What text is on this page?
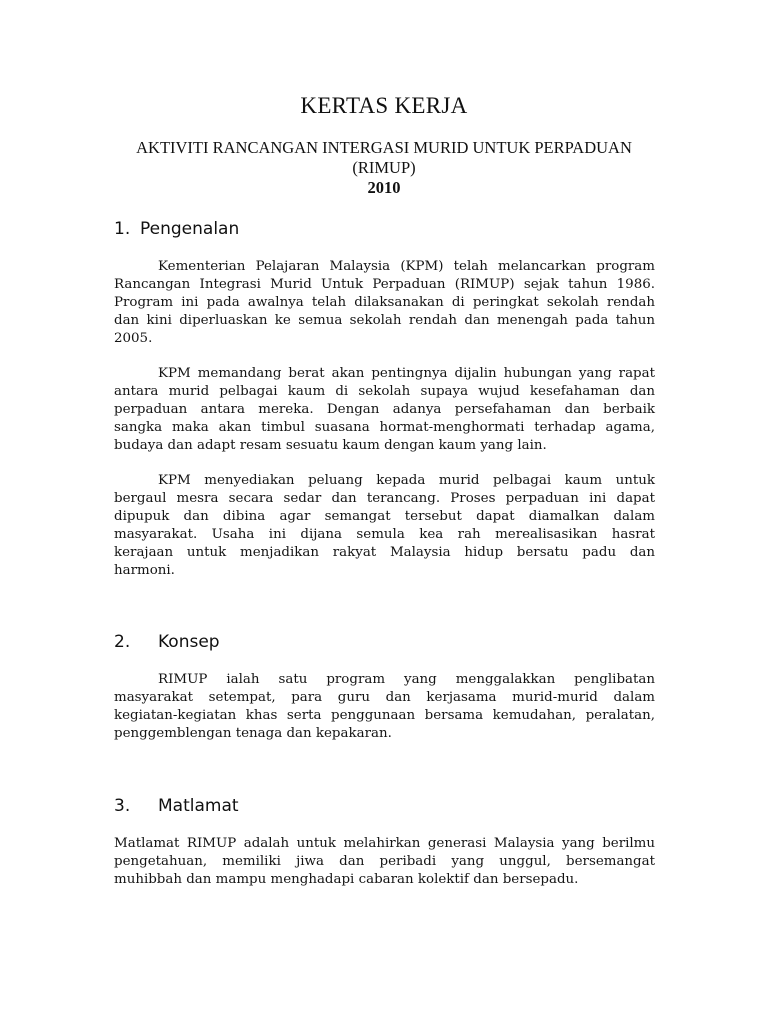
KERTAS KERJA
AKTIVITI RANCANGAN INTERGASI MURID UNTUK PERPADUAN
(RIMUP)
2010
1. Pengenalan
Kementerian Pelajaran Malaysia (KPM) telah melancarkan program
Rancangan Integrasi Murid Untuk Perpaduan (RIMUP) sejak tahun 1986.
Program ini pada awalnya telah dilaksanakan di peringkat sekolah rendah
dan kini diperluaskan ke semua sekolah rendah dan menengah pada tahun
2005.
KPM memandang berat akan pentingnya dijalin hubungan yang rapat
antara murid pelbagai kaum di sekolah supaya wujud kesefahaman dan
perpaduan antara mereka. Dengan adanya persefahaman dan berbaik
sangka maka akan timbul suasana hormat-menghormati terhadap agama,
budaya dan adapt resam sesuatu kaum dengan kaum yang lain.
KPM menyediakan peluang kepada murid pelbagai kaum untuk
bergaul mesra secara sedar dan terancang. Proses perpaduan ini dapat
dipupuk dan dibina agar semangat tersebut dapat diamalkan dalam
masyarakat. Usaha ini dijana semula kea rah merealisasikan hasrat
kerajaan untuk menjadikan rakyat Malaysia hidup bersatu padu dan
harmoni.
2. Konsep
RIMUP ialah satu program yang menggalakkan penglibatan
masyarakat setempat, para guru dan kerjasama murid-murid dalam
kegiatan-kegiatan khas serta penggunaan bersama kemudahan, peralatan,
penggemblengan tenaga dan kepakaran.
3. Matlamat
Matlamat RIMUP adalah untuk melahirkan generasi Malaysia yang berilmu
pengetahuan, memiliki jiwa dan peribadi yang unggul, bersemangat
muhibbah dan mampu menghadapi cabaran kolektif dan bersepadu.
